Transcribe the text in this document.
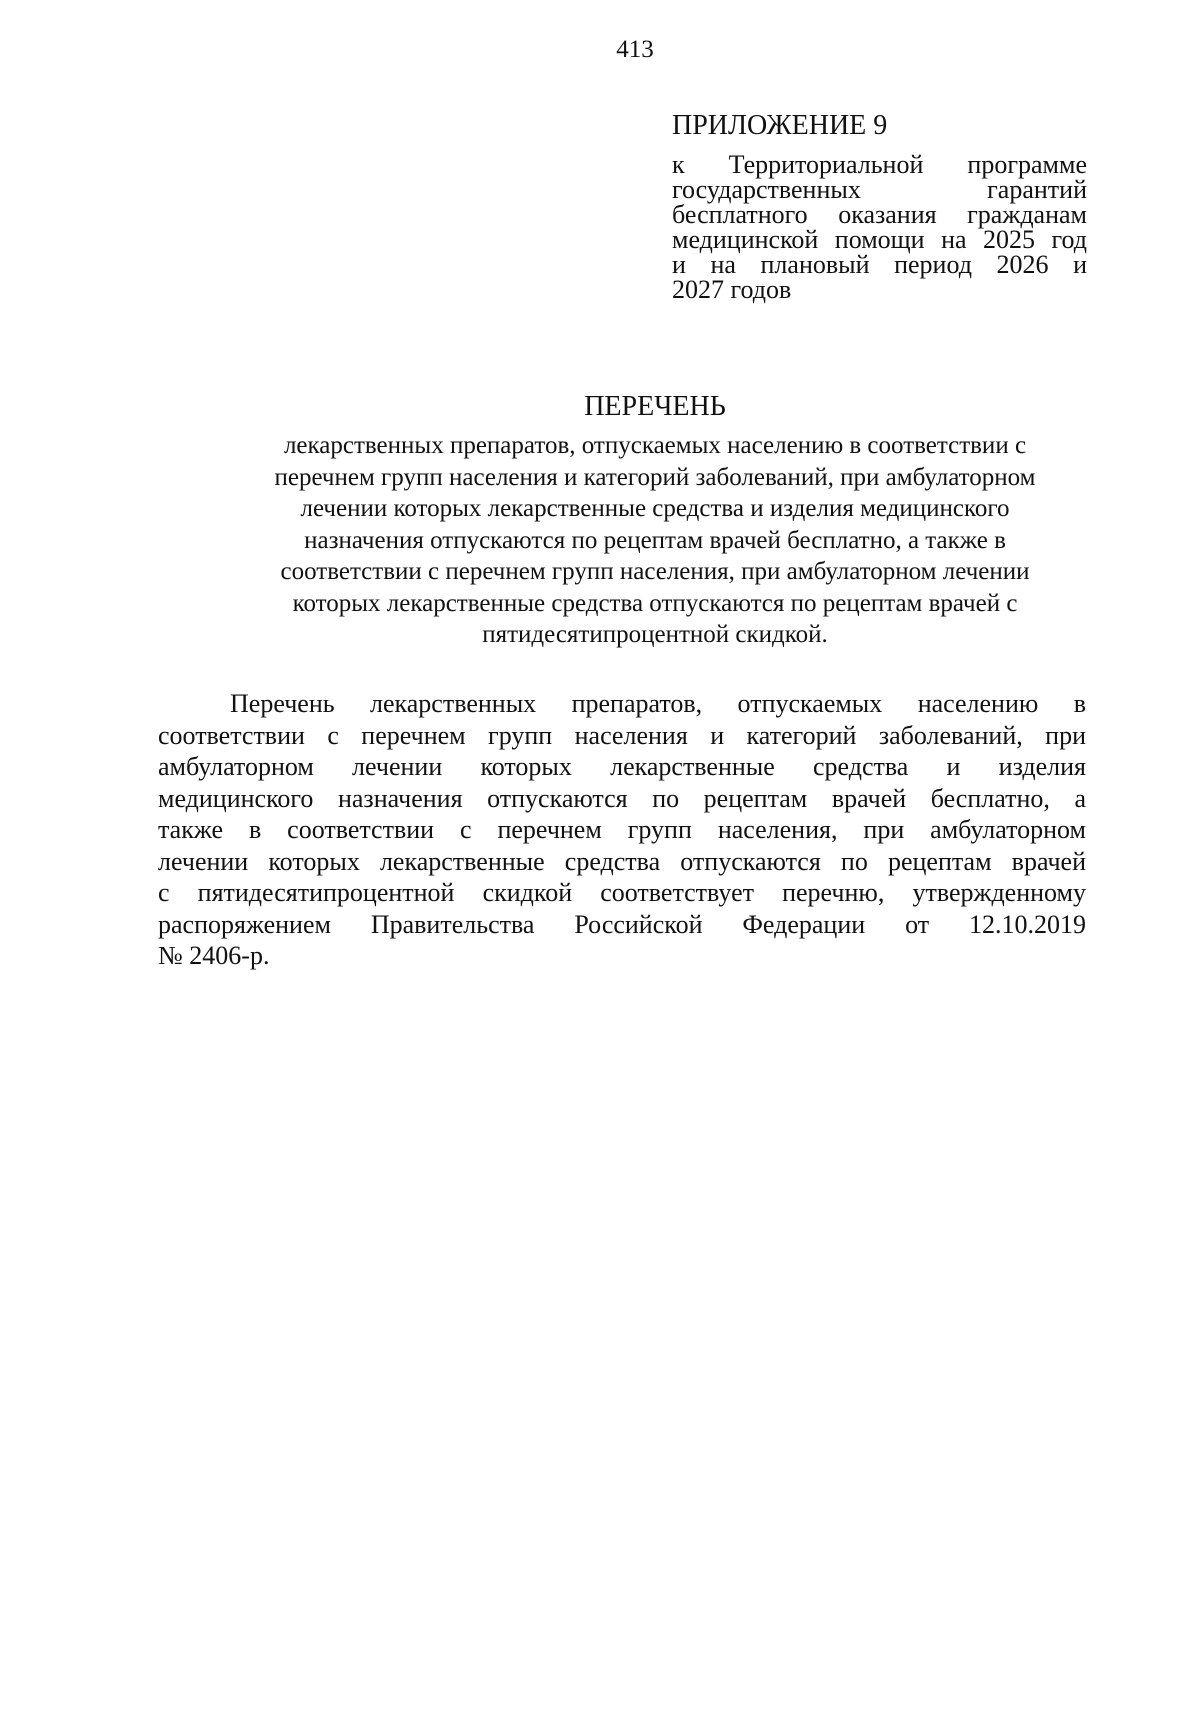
413
ПРИЛОЖЕНИЕ 9
к Территориальной программе
государственных гарантий
бесплатного оказания гражданам
медицинской помощи на 2025 год
и на плановый период 2026 и
2027 годов
ПЕРЕЧЕНЬ
лекарственных препаратов, отпускаемых населению в соответствии с
перечнем групп населения и категорий заболеваний, при амбулаторном
лечении которых лекарственные средства и изделия медицинского
назначения отпускаются по рецептам врачей бесплатно, а также в
соответствии с перечнем групп населения, при амбулаторном лечении
которых лекарственные средства отпускаются по рецептам врачей с
пятидесятипроцентной скидкой.
Перечень лекарственных препаратов, отпускаемых населению в
соответствии с перечнем групп населения и категорий заболеваний, при
амбулаторном лечении которых лекарственные средства и изделия
медицинского назначения отпускаются по рецептам врачей бесплатно, а
также в соответствии с перечнем групп населения, при амбулаторном
лечении которых лекарственные средства отпускаются по рецептам врачей
с пятидесятипроцентной скидкой соответствует перечню, утвержденному
распоряжением Правительства Российской Федерации от 12.10.2019
№ 2406-р.
